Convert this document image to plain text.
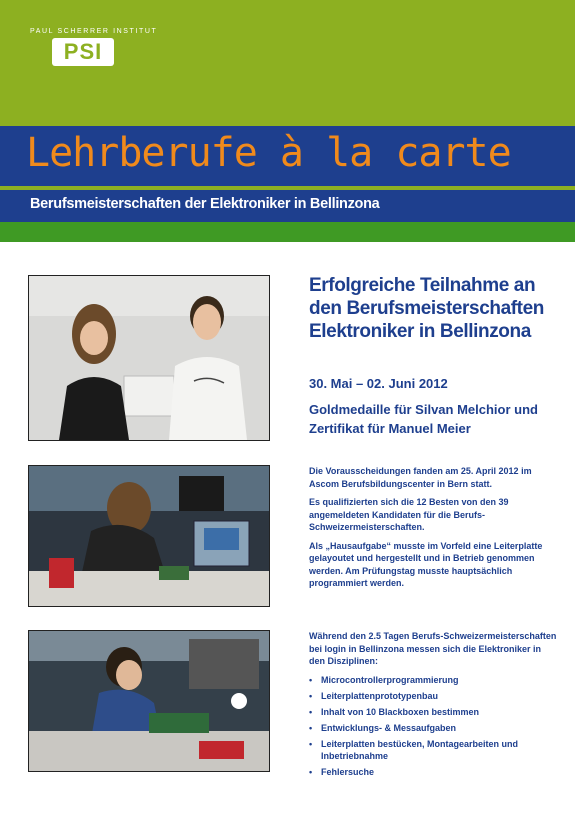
PAUL SCHERRER INSTITUT
PSI
Lehrberufe à la carte
Berufsmeisterschaften der Elektroniker in Bellinzona
Erfolgreiche Teilnahme an
den Berufsmeisterschaften
Elektroniker in Bellinzona
30. Mai – 02. Juni 2012
Goldmedaille für Silvan Melchior und
Zertifikat für Manuel Meier

Die Vorausscheidungen fanden am 25. April 2012 im Ascom Berufsbildungscenter in Bern statt.

Es qualifizierten sich die 12 Besten von den 39 angemeldeten Kandidaten für die Berufs-Schweizermeisterschaften.

Als „Hausaufgabe“ musste im Vorfeld eine Leiterplatte gelayoutet und hergestellt und in Betrieb genommen werden. Am Prüfungstag musste hauptsächlich programmiert werden.

Während den 2.5 Tagen Berufs-Schweizermeisterschaften bei login in Bellinzona messen sich die Elektroniker in den Disziplinen:

• Microcontrollerprogrammierung
• Leiterplattenprototypenbau
• Inhalt von 10 Blackboxen bestimmen
• Entwicklungs- & Messaufgaben
• Leiterplatten bestücken, Montagearbeiten und Inbetriebnahme
• Fehlersuche
